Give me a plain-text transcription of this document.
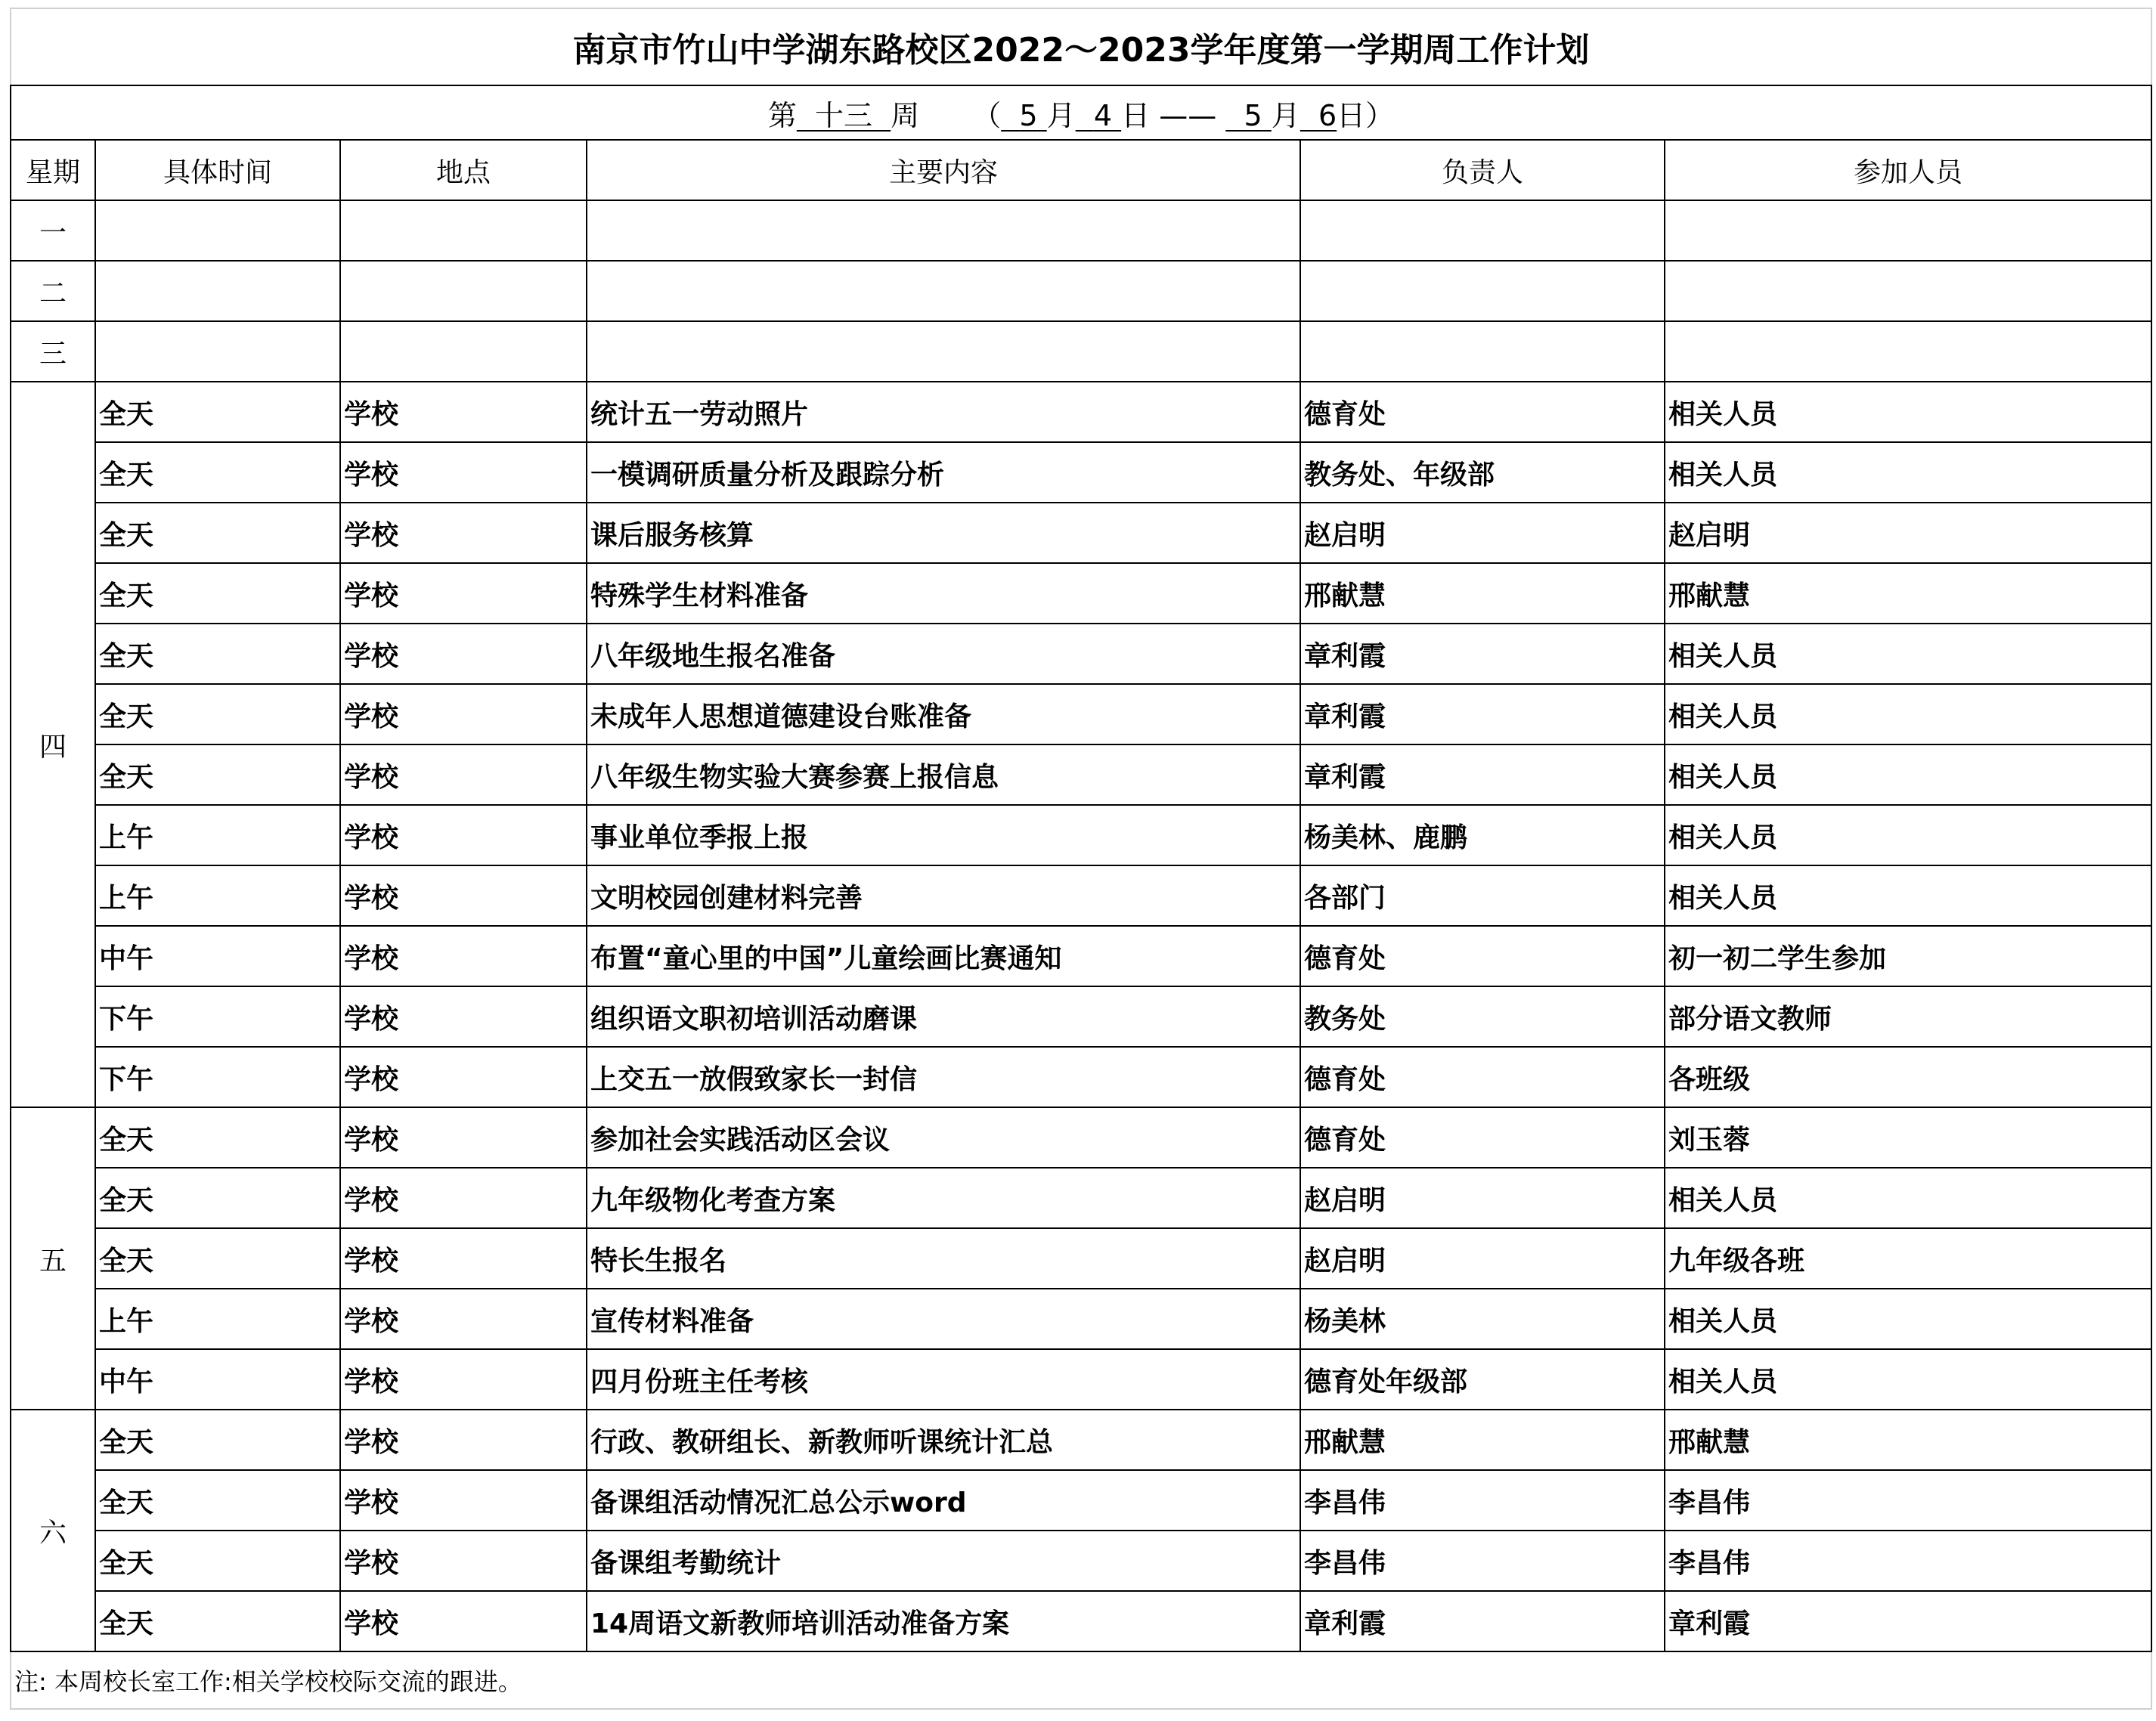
南京市竹山中学湖东路校区2022～2023学年度第一学期周工作计划					
第 十三 周 （ 5 月 4 日 —— 5 月 6日）					
星期	具体时间	地点	主要内容	负责人	参加人员
一					
二					
三					
四	全天	学校	统计五一劳动照片	德育处	相关人员
	全天	学校	一模调研质量分析及跟踪分析	教务处、年级部	相关人员
	全天	学校	课后服务核算	赵启明	赵启明
	全天	学校	特殊学生材料准备	邢献慧	邢献慧
	全天	学校	八年级地生报名准备	章利霞	相关人员
	全天	学校	未成年人思想道德建设台账准备	章利霞	相关人员
	全天	学校	八年级生物实验大赛参赛上报信息	章利霞	相关人员
	上午	学校	事业单位季报上报	杨美林、鹿鹏	相关人员
	上午	学校	文明校园创建材料完善	各部门	相关人员
	中午	学校	布置“童心里的中国”儿童绘画比赛通知	德育处	初一初二学生参加
	下午	学校	组织语文职初培训活动磨课	教务处	部分语文教师
	下午	学校	上交五一放假致家长一封信	德育处	各班级
五	全天	学校	参加社会实践活动区会议	德育处	刘玉蓉
	全天	学校	九年级物化考查方案	赵启明	相关人员
	全天	学校	特长生报名	赵启明	九年级各班
	上午	学校	宣传材料准备	杨美林	相关人员
	中午	学校	四月份班主任考核	德育处年级部	相关人员
六	全天	学校	行政、教研组长、新教师听课统计汇总	邢献慧	邢献慧
	全天	学校	备课组活动情况汇总公示word	李昌伟	李昌伟
	全天	学校	备课组考勤统计	李昌伟	李昌伟
	全天	学校	14周语文新教师培训活动准备方案	章利霞	章利霞
注: 本周校长室工作:相关学校校际交流的跟进。					
